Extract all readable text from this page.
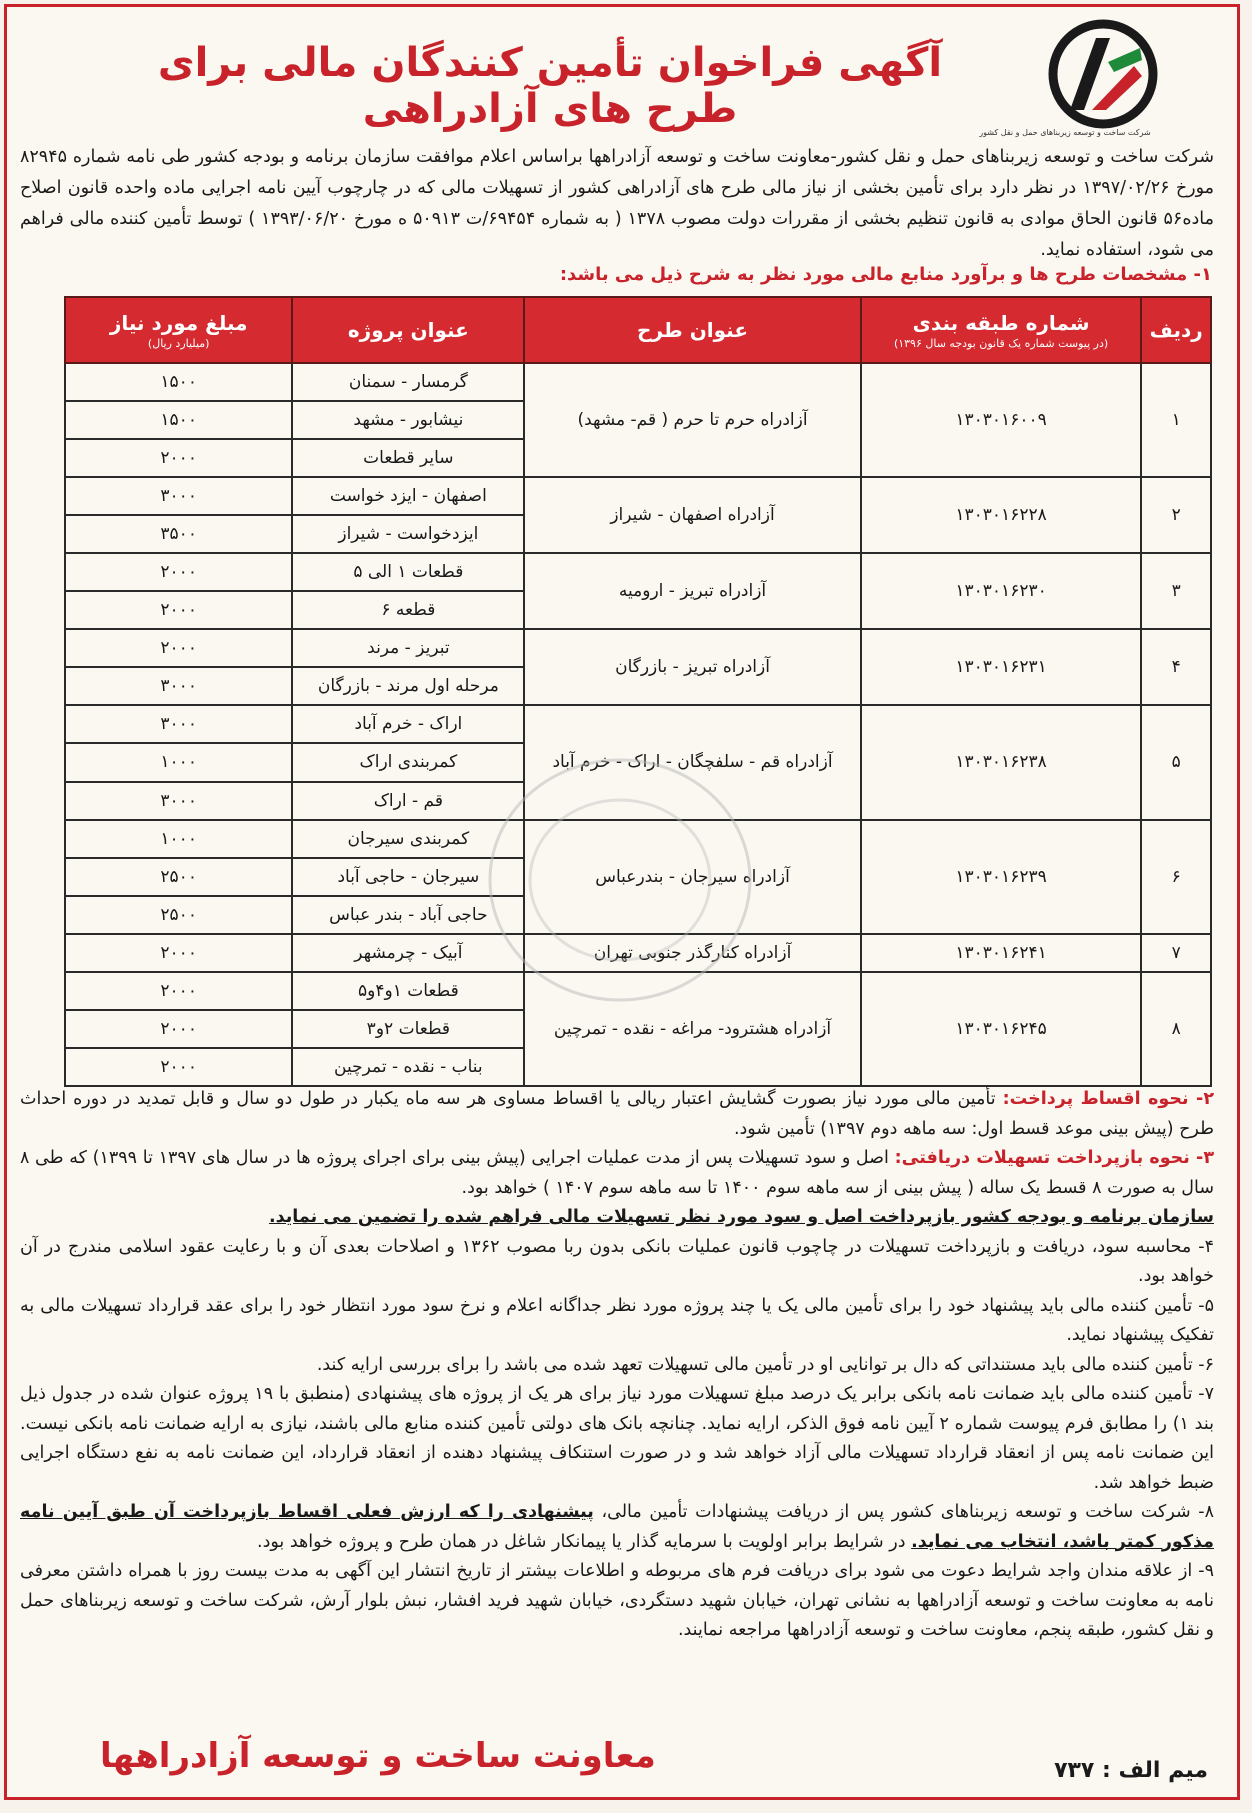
شرکت ساخت و توسعه زیربناهای حمل و نقل کشور
آگهی فراخوان تأمین کنندگان مالی برای طرح های آزادراهی
شرکت ساخت و توسعه زیربناهای حمل و نقل کشور-معاونت ساخت و توسعه آزادراهها براساس اعلام موافقت سازمان برنامه و بودجه کشور طی نامه شماره ۸۲۹۴۵ مورخ ۱۳۹۷/۰۲/۲۶ در نظر دارد برای تأمین بخشی از نیاز مالی طرح های آزادراهی کشور از تسهیلات مالی که در چارچوب آیین نامه اجرایی ماده واحده قانون اصلاح ماده۵۶ قانون الحاق موادی به قانون تنظیم بخشی از مقررات دولت مصوب ۱۳۷۸ ( به شماره ۶۹۴۵۴/ت ۵۰۹۱۳ ه مورخ ۱۳۹۳/۰۶/۲۰ ) توسط تأمین کننده مالی فراهم می شود، استفاده نماید.
۱- مشخصات طرح ها و برآورد منابع مالی مورد نظر به شرح ذیل می باشد:
ردیف	شماره طبقه بندی
(در پیوست شماره یک قانون بودجه سال ۱۳۹۶)	عنوان طرح	عنوان پروژه	مبلغ مورد نیاز
(میلیارد ریال)

۱	۱۳۰۳۰۱۶۰۰۹	آزادراه حرم تا حرم ( قم- مشهد)	گرمسار - سمنان	۱۵۰۰
			نیشابور - مشهد	۱۵۰۰
			سایر قطعات	۲۰۰۰
۲	۱۳۰۳۰۱۶۲۲۸	آزادراه اصفهان - شیراز	اصفهان - ایزد خواست	۳۰۰۰
			ایزدخواست - شیراز	۳۵۰۰
۳	۱۳۰۳۰۱۶۲۳۰	آزادراه تبریز - ارومیه	قطعات ۱ الی ۵	۲۰۰۰
			قطعه ۶	۲۰۰۰
۴	۱۳۰۳۰۱۶۲۳۱	آزادراه تبریز - بازرگان	تبریز - مرند	۲۰۰۰
			مرحله اول مرند - بازرگان	۳۰۰۰
۵	۱۳۰۳۰۱۶۲۳۸	آزادراه قم - سلفچگان - اراک - خرم آباد	اراک - خرم آباد	۳۰۰۰
			کمربندی اراک	۱۰۰۰
			قم - اراک	۳۰۰۰
۶	۱۳۰۳۰۱۶۲۳۹	آزادراه سیرجان - بندرعباس	کمربندی سیرجان	۱۰۰۰
			سیرجان - حاجی آباد	۲۵۰۰
			حاجی آباد - بندر عباس	۲۵۰۰
۷	۱۳۰۳۰۱۶۲۴۱	آزادراه کنارگذر جنوبی تهران	آبیک - چرمشهر	۲۰۰۰
۸	۱۳۰۳۰۱۶۲۴۵	آزادراه هشترود- مراغه - نقده - تمرچین	قطعات ۱و۴و۵	۲۰۰۰
			قطعات ۲و۳	۲۰۰۰
			بناب - نقده - تمرچین	۲۰۰۰

۲- نحوه اقساط پرداخت: تأمین مالی مورد نیاز بصورت گشایش اعتبار ریالی یا اقساط مساوی هر سه ماه یکبار در طول دو سال و قابل تمدید در دوره احداث طرح (پیش بینی موعد قسط اول: سه ماهه دوم ۱۳۹۷) تأمین شود.

۳- نحوه بازپرداخت تسهیلات دریافتی: اصل و سود تسهیلات پس از مدت عملیات اجرایی (پیش بینی برای اجرای پروژه ها در سال های ۱۳۹۷ تا ۱۳۹۹) که طی ۸ سال به صورت ۸ قسط یک ساله ( پیش بینی از سه ماهه سوم ۱۴۰۰ تا سه ماهه سوم ۱۴۰۷ ) خواهد بود.

سازمان برنامه و بودجه کشور بازپرداخت اصل و سود مورد نظر تسهیلات مالی فراهم شده را تضمین می نماید.

۴- محاسبه سود، دریافت و بازپرداخت تسهیلات در چاچوب قانون عملیات بانکی بدون ربا مصوب ۱۳۶۲ و اصلاحات بعدی آن و با رعایت عقود اسلامی مندرج در آن خواهد بود.

۵- تأمین کننده مالی باید پیشنهاد خود را برای تأمین مالی یک یا چند پروژه مورد نظر جداگانه اعلام و نرخ سود مورد انتظار خود را برای عقد قرارداد تسهیلات مالی به تفکیک پیشنهاد نماید.

۶- تأمین کننده مالی باید مستنداتی که دال بر توانایی او در تأمین مالی تسهیلات تعهد شده می باشد را برای بررسی ارایه کند.

۷- تأمین کننده مالی باید ضمانت نامه بانکی برابر یک درصد مبلغ تسهیلات مورد نیاز برای هر یک از پروژه های پیشنهادی (منطبق با ۱۹ پروژه عنوان شده در جدول ذیل بند ۱) را مطابق فرم پیوست شماره ۲ آیین نامه فوق الذکر، ارایه نماید. چنانچه بانک های دولتی تأمین کننده منابع مالی باشند، نیازی به ارایه ضمانت نامه بانکی نیست. این ضمانت نامه پس از انعقاد قرارداد تسهیلات مالی آزاد خواهد شد و در صورت استنکاف پیشنهاد دهنده از انعقاد قرارداد، این ضمانت نامه به نفع دستگاه اجرایی ضبط خواهد شد.

۸- شرکت ساخت و توسعه زیربناهای کشور پس از دریافت پیشنهادات تأمین مالی، پیشنهادی را که ارزش فعلی اقساط بازپرداخت آن طبق آیین نامه مذکور کمتر باشد، انتخاب می نماید. در شرایط برابر اولویت با سرمایه گذار یا پیمانکار شاغل در همان طرح و پروژه خواهد بود.

۹- از علاقه مندان واجد شرایط دعوت می شود برای دریافت فرم های مربوطه و اطلاعات بیشتر از تاریخ انتشار این آگهی به مدت بیست روز با همراه داشتن معرفی نامه به معاونت ساخت و توسعه آزادراهها به نشانی تهران، خیابان شهید دستگردی، خیابان شهید فرید افشار، نبش بلوار آرش، شرکت ساخت و توسعه زیربناهای حمل و نقل کشور، طبقه پنجم، معاونت ساخت و توسعه آزادراهها مراجعه نمایند.

معاونت ساخت و توسعه آزادراهها	میم الف : ۷۳۷
